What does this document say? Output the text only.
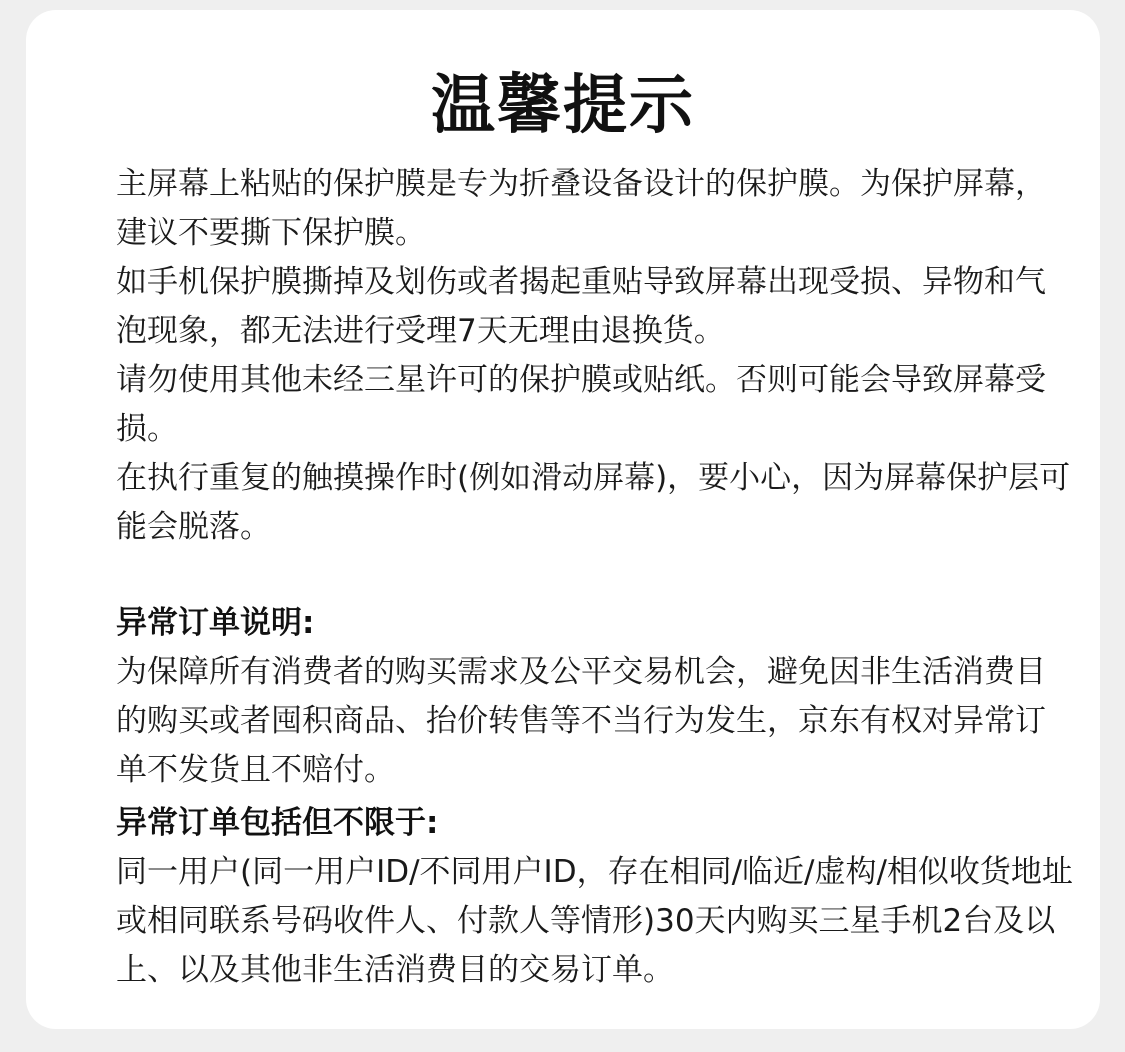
温馨提示

主屏幕上粘贴的保护膜是专为折叠设备设计的保护膜。为保护屏幕，建议不要撕下保护膜。

如手机保护膜撕掉及划伤或者揭起重贴导致屏幕出现受损、异物和气泡现象，都无法进行受理7天无理由退换货。

请勿使用其他未经三星许可的保护膜或贴纸。否则可能会导致屏幕受损。

在执行重复的触摸操作时(例如滑动屏幕)，要小心，因为屏幕保护层可能会脱落。

异常订单说明:

为保障所有消费者的购买需求及公平交易机会，避免因非生活消费目的购买或者囤积商品、抬价转售等不当行为发生，京东有权对异常订单不发货且不赔付。

异常订单包括但不限于:

同一用户(同一用户ID/不同用户ID，存在相同/临近/虚构/相似收货地址或相同联系号码收件人、付款人等情形)30天内购买三星手机2台及以上、以及其他非生活消费目的交易订单。
